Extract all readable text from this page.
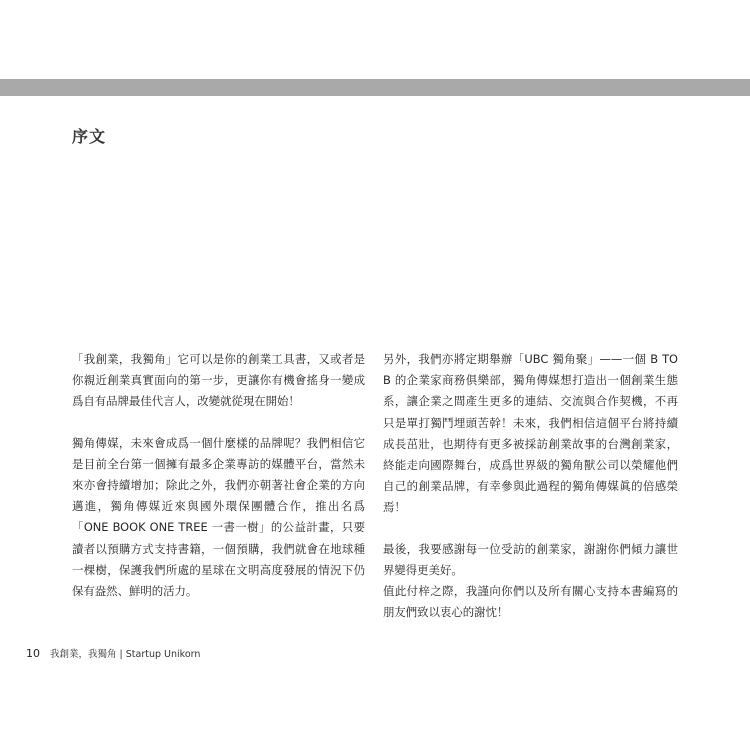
序文

「我創業，我獨角」它可以是你的創業工具書，又或者是你親近創業真實面向的第一步，更讓你有機會搖身一變成爲自有品牌最佳代言人，改變就從現在開始！

獨角傳媒，未來會成爲一個什麼樣的品牌呢？我們相信它是目前全台第一個擁有最多企業專訪的媒體平台，當然未來亦會持續增加；除此之外，我們亦朝著社會企業的方向邁進，獨角傳媒近來與國外環保團體合作，推出名爲「ONE BOOK ONE TREE 一書一樹」的公益計畫，只要讀者以預購方式支持書籍，一個預購，我們就會在地球種一棵樹，保護我們所處的星球在文明高度發展的情況下仍保有盎然、鮮明的活力。

另外，我們亦將定期舉辦「UBC 獨角聚」——一個 B TO B 的企業家商務俱樂部，獨角傳媒想打造出一個創業生態系，讓企業之間產生更多的連結、交流與合作契機，不再只是單打獨鬥埋頭苦幹！未來，我們相信這個平台將持續成長茁壯，也期待有更多被採訪創業故事的台灣創業家，終能走向國際舞台，成爲世界級的獨角獸公司以榮耀他們自己的創業品牌，有幸參與此過程的獨角傳媒眞的倍感榮焉！

最後，我要感謝每一位受訪的創業家，謝謝你們傾力讓世界變得更美好。

值此付梓之際，我謹向你們以及所有關心支持本書編寫的朋友們致以衷心的謝忱！

10 我創業，我獨角 | Startup Unikorn
